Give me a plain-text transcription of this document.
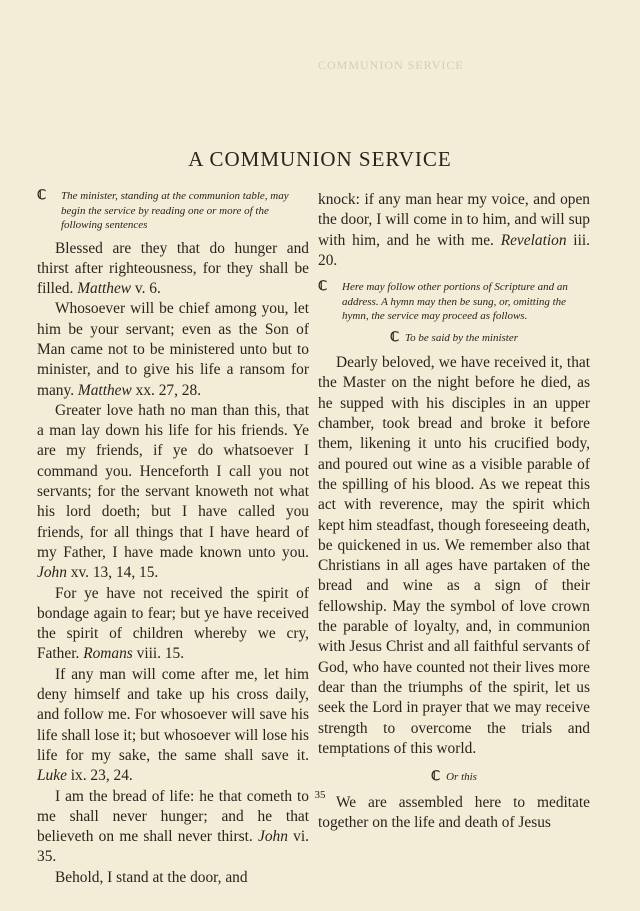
COMMUNION SERVICE
A COMMUNION SERVICE
ℂ The minister, standing at the communion table, may begin the service by reading one or more of the following sentences

Blessed are they that do hunger and thirst after righteousness, for they shall be filled. Matthew v. 6.

Whosoever will be chief among you, let him be your servant; even as the Son of Man came not to be ministered unto but to minister, and to give his life a ransom for many. Matthew xx. 27, 28.

Greater love hath no man than this, that a man lay down his life for his friends. Ye are my friends, if ye do whatsoever I command you. Henceforth I call you not servants; for the servant knoweth not what his lord doeth; but I have called you friends, for all things that I have heard of my Father, I have made known unto you. John xv. 13, 14, 15.

For ye have not received the spirit of bondage again to fear; but ye have received the spirit of children whereby we cry, Father. Romans viii. 15.

If any man will come after me, let him deny himself and take up his cross daily, and follow me. For whosoever will save his life shall lose it; but whosoever will lose his life for my sake, the same shall save it. Luke ix. 23, 24.

I am the bread of life: he that cometh to me shall never hunger; and he that believeth on me shall never thirst. John vi. 35.

Behold, I stand at the door, and

knock: if any man hear my voice, and open the door, I will come in to him, and will sup with him, and he with me. Revelation iii. 20.

ℂ Here may follow other portions of Scripture and an address. A hymn may then be sung, or, omitting the hymn, the service may proceed as follows.
ℂ To be said by the minister

Dearly beloved, we have received it, that the Master on the night before he died, as he supped with his disciples in an upper chamber, took bread and broke it before them, likening it unto his crucified body, and poured out wine as a visible parable of the spilling of his blood. As we repeat this act with reverence, may the spirit which kept him steadfast, though foreseeing death, be quickened in us. We remember also that Christians in all ages have partaken of the bread and wine as a sign of their fellowship. May the symbol of love crown the parable of loyalty, and, in communion with Jesus Christ and all faithful servants of God, who have counted not their lives more dear than the triumphs of the spirit, let us seek the Lord in prayer that we may receive strength to overcome the trials and temptations of this world.

ℂ Or this

We are assembled here to meditate together on the life and death of Jesus

35
